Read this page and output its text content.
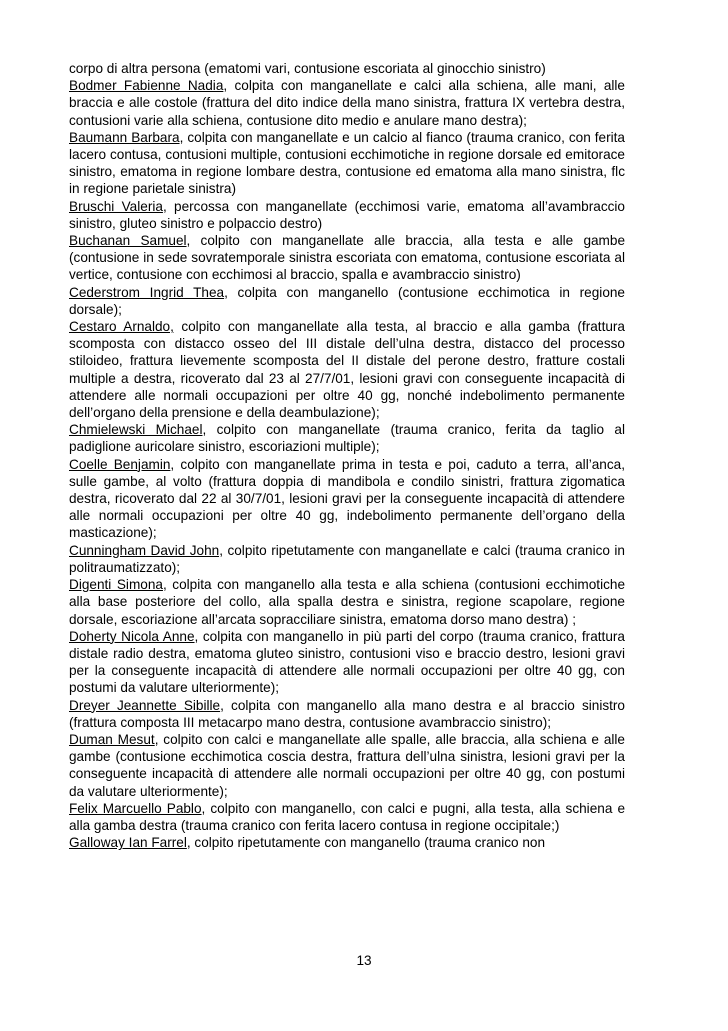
corpo di altra persona (ematomi vari, contusione escoriata al ginocchio sinistro)

Bodmer Fabienne Nadia, colpita con manganellate e calci alla schiena, alle mani, alle braccia e alle costole (frattura del dito indice della mano sinistra, frattura IX vertebra destra, contusioni varie alla schiena, contusione dito medio e anulare mano destra);

Baumann Barbara, colpita con manganellate e un calcio al fianco (trauma cranico, con ferita lacero contusa, contusioni multiple, contusioni ecchimotiche in regione dorsale ed emitorace sinistro, ematoma in regione lombare destra, contusione ed ematoma alla mano sinistra, flc in regione parietale sinistra)

Bruschi Valeria, percossa con manganellate (ecchimosi varie, ematoma all’avambraccio sinistro, gluteo sinistro e polpaccio destro)

Buchanan Samuel, colpito con manganellate alle braccia, alla testa e alle gambe (contusione in sede sovratemporale sinistra escoriata con ematoma, contusione escoriata al vertice, contusione con ecchimosi al braccio, spalla e avambraccio sinistro)

Cederstrom Ingrid Thea, colpita con manganello (contusione ecchimotica in regione dorsale);

Cestaro Arnaldo, colpito con manganellate alla testa, al braccio e alla gamba (frattura scomposta con distacco osseo del III distale dell’ulna destra, distacco del processo stiloideo, frattura lievemente scomposta del II distale del perone destro, fratture costali multiple a destra, ricoverato dal 23 al 27/7/01, lesioni gravi con conseguente incapacità di attendere alle normali occupazioni per oltre 40 gg, nonché indebolimento permanente dell’organo della prensione e della deambulazione);

Chmielewski Michael, colpito con manganellate (trauma cranico, ferita da taglio al padiglione auricolare sinistro, escoriazioni multiple);

Coelle Benjamin, colpito con manganellate prima in testa e poi, caduto a terra, all’anca, sulle gambe, al volto (frattura doppia di mandibola e condilo sinistri, frattura zigomatica destra, ricoverato dal 22 al 30/7/01, lesioni gravi per la conseguente incapacità di attendere alle normali occupazioni per oltre 40 gg, indebolimento permanente dell’organo della masticazione);

Cunningham David John, colpito ripetutamente con manganellate e calci (trauma cranico in politraumatizzato);

Digenti Simona, colpita con manganello alla testa e alla schiena (contusioni ecchimotiche alla base posteriore del collo, alla spalla destra e sinistra, regione scapolare, regione dorsale, escoriazione all’arcata sopracciliare sinistra, ematoma dorso mano destra) ;

Doherty Nicola Anne, colpita con manganello in più parti del corpo (trauma cranico, frattura distale radio destra, ematoma gluteo sinistro, contusioni viso e braccio destro, lesioni gravi per la conseguente incapacità di attendere alle normali occupazioni per oltre 40 gg, con postumi da valutare ulteriormente);

Dreyer Jeannette Sibille, colpita con manganello alla mano destra e al braccio sinistro (frattura composta III metacarpo mano destra, contusione avambraccio sinistro);

Duman Mesut, colpito con calci e manganellate alle spalle, alle braccia, alla schiena e alle gambe (contusione ecchimotica coscia destra, frattura dell’ulna sinistra, lesioni gravi per la conseguente incapacità di attendere alle normali occupazioni per oltre 40 gg, con postumi da valutare ulteriormente);

Felix Marcuello Pablo, colpito con manganello, con calci e pugni, alla testa, alla schiena e alla gamba destra (trauma cranico con ferita lacero contusa in regione occipitale;)

Galloway Ian Farrel, colpito ripetutamente con manganello (trauma cranico non

13
